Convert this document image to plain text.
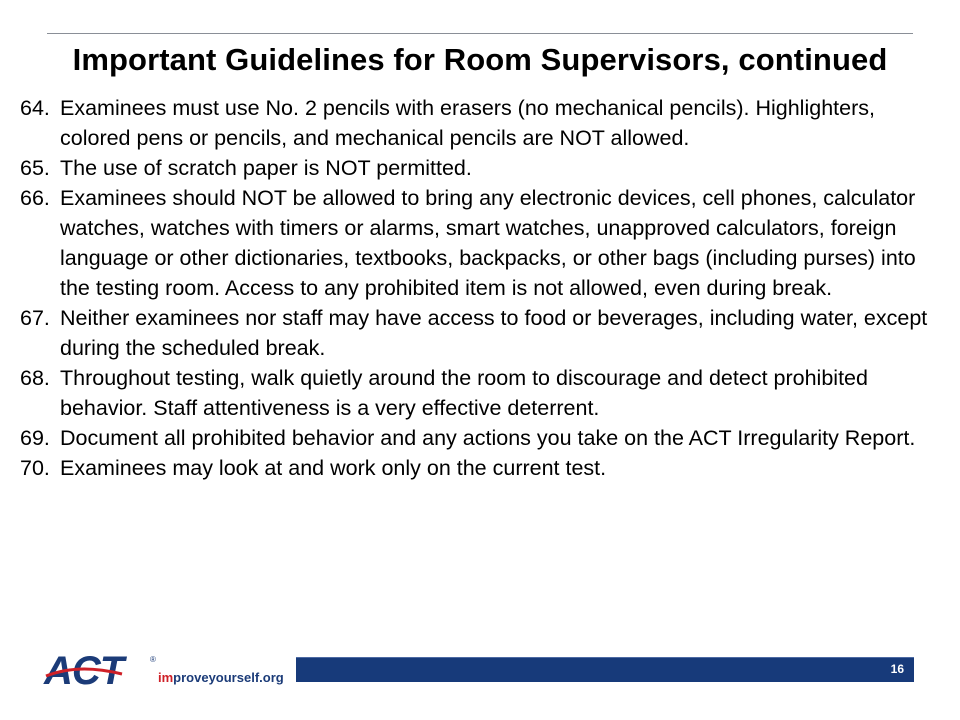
Important Guidelines for Room Supervisors, continued
64. Examinees must use No. 2 pencils with erasers (no mechanical pencils). Highlighters, colored pens or pencils, and mechanical pencils are NOT allowed.
65. The use of scratch paper is NOT permitted.
66. Examinees should NOT be allowed to bring any electronic devices, cell phones, calculator watches, watches with timers or alarms, smart watches, unapproved calculators, foreign language or other dictionaries, textbooks, backpacks, or other bags (including purses) into the testing room. Access to any prohibited item is not allowed, even during break.
67. Neither examinees nor staff may have access to food or beverages, including water, except during the scheduled break.
68. Throughout testing, walk quietly around the room to discourage and detect prohibited behavior. Staff attentiveness is a very effective deterrent.
69. Document all prohibited behavior and any actions you take on the ACT Irregularity Report.
70. Examinees may look at and work only on the current test.
ACT	®
improveyourself.org
16
